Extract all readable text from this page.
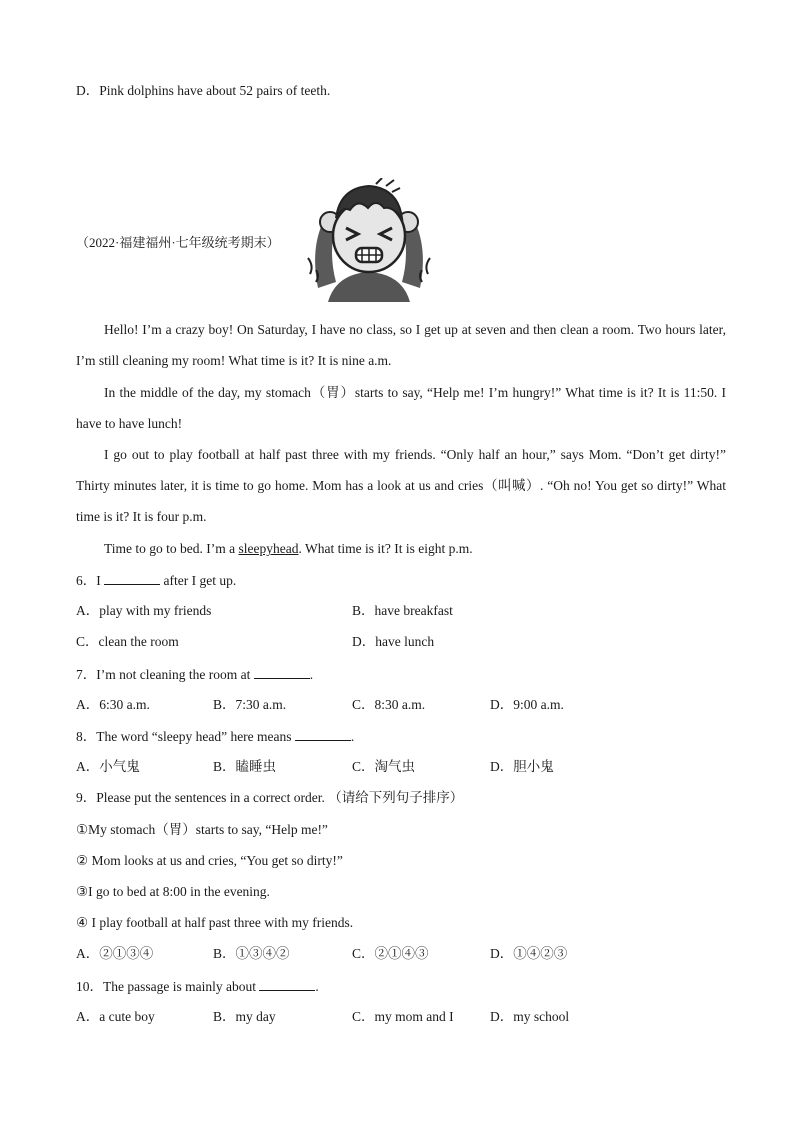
D．Pink dolphins have about 52 pairs of teeth.
（2022·福建福州·七年级统考期末）
Hello! I’m a crazy boy! On Saturday, I have no class, so I get up at seven and then clean a room. Two hours later, I’m still cleaning my room! What time is it? It is nine a.m.
In the middle of the day, my stomach（胃）starts to say, “Help me! I’m hungry!” What time is it? It is 11:50. I have to have lunch!
I go out to play football at half past three with my friends. “Only half an hour,” says Mom. “Don’t get dirty!” Thirty minutes later, it is time to go home. Mom has a look at us and cries（叫喊）. “Oh no! You get so dirty!” What time is it? It is four p.m.
Time to go to bed. I’m a sleepyhead. What time is it? It is eight p.m.
6．I	after I get up.
A．play with my friends	B．have breakfast
C．clean the room	D．have lunch
7．I’m not cleaning the room at	.
A．6:30 a.m.	B．7:30 a.m.	C．8:30 a.m.	D．9:00 a.m.
8．The word “sleepy head” here means	.
A．小气鬼	B．瞌睡虫	C．淘气虫	D．胆小鬼
9．Please put the sentences in a correct order. （请给下列句子排序）
①My stomach（胃）starts to say, “Help me!”
② Mom looks at us and cries, “You get so dirty!”
③I go to bed at 8:00 in the evening.
④ I play football at half past three with my friends.
A．②①③④	B．①③④②	C．②①④③	D．①④②③
10．The passage is mainly about	.
A．a cute boy	B．my day	C．my mom and I	D．my school
